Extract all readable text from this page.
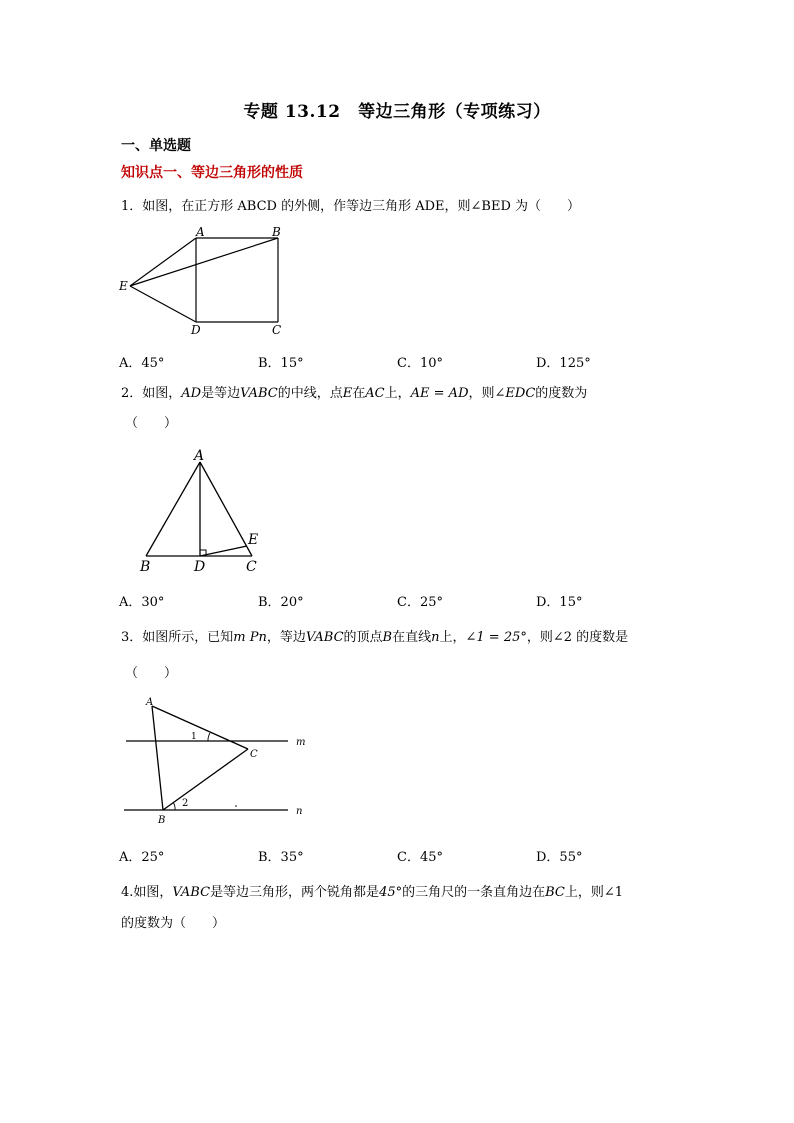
专题 13.12　等边三角形（专项练习）
一、单选题
知识点一、等边三角形的性质
1．如图，在正方形 ABCD 的外侧，作等边三角形 ADE，则∠BED 为（　　）
A	B
C
D
E
A．45°	B．15°	C．10°	D．125°
2．如图，AD是等边VABC的中线，点E在AC上，AE = AD，则∠EDC的度数为
（　　）
A
B	D	C
E
A．30°	B．20°	C．25°	D．15°
3．如图所示，已知m Pn，等边VABC的顶点B在直线n上，∠1 = 25°，则∠2 的度数是
（　　）
A
C
B
m
n
1
2
A．25°	B．35°	C．45°	D．55°
4.如图，VABC是等边三角形，两个锐角都是45°的三角尺的一条直角边在BC上，则∠1
的度数为（　　）
